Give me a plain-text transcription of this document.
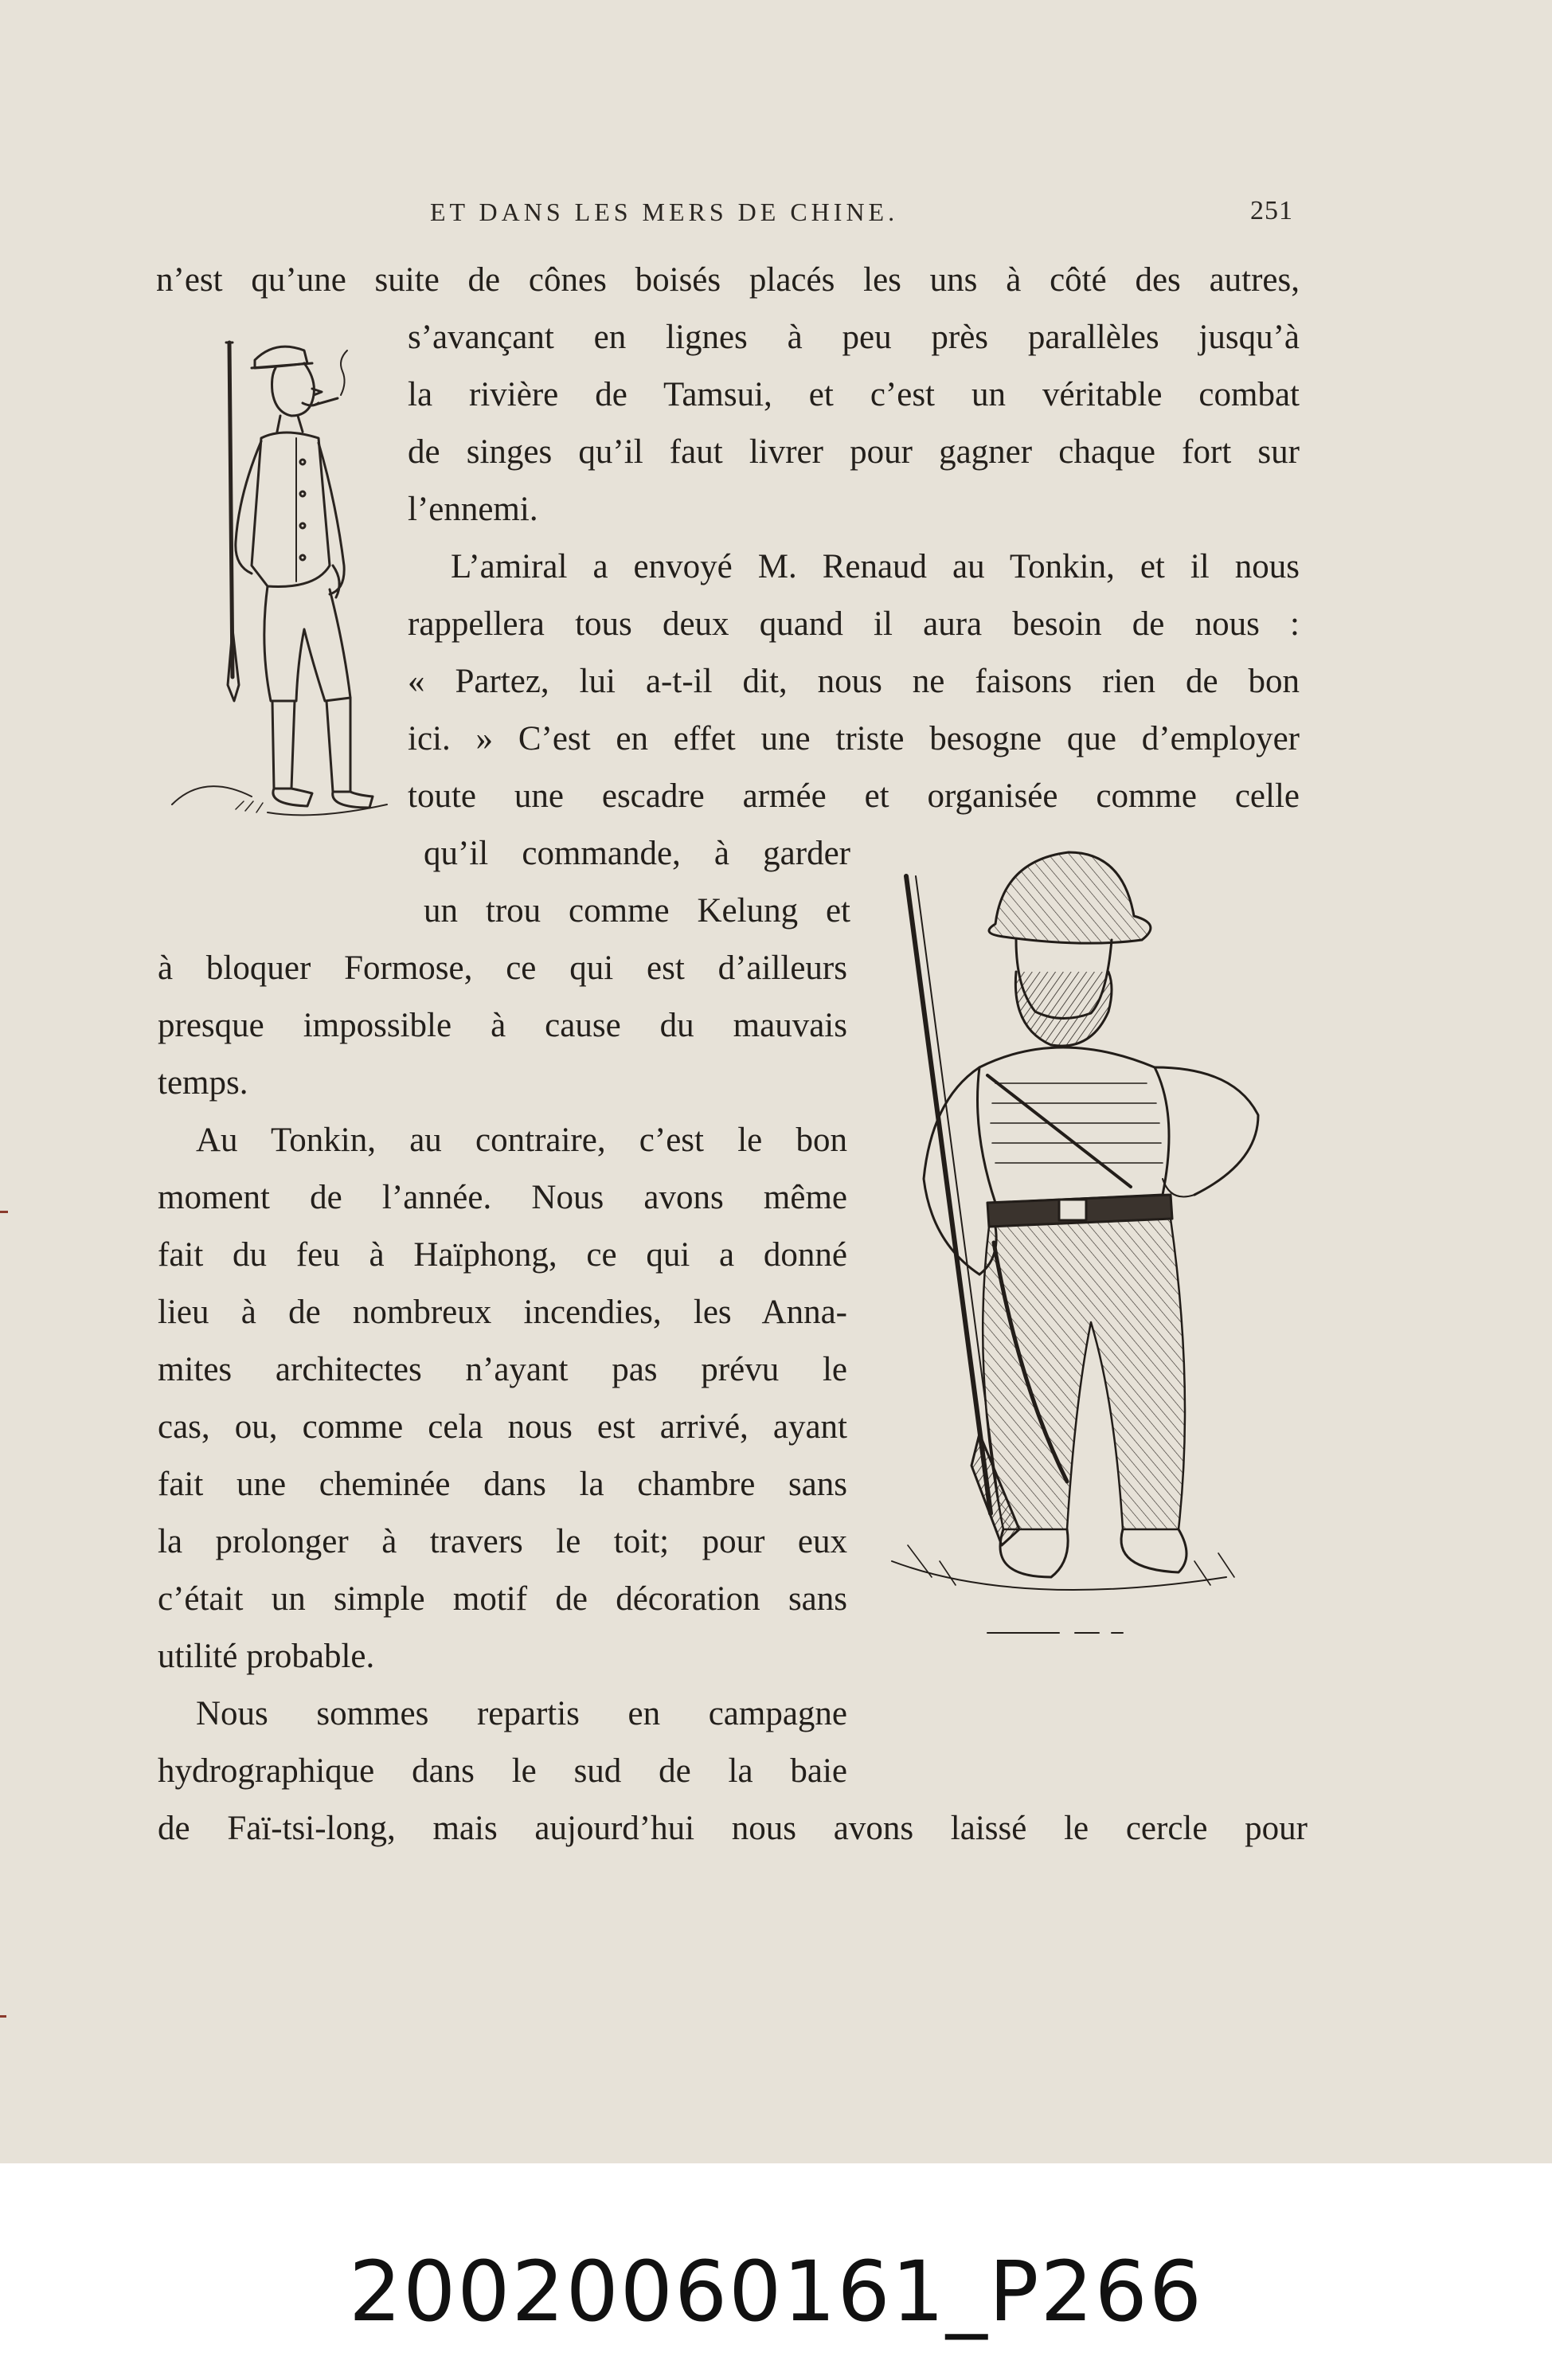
ET DANS LES MERS DE CHINE.	251
n’est qu’une suite de cônes boisés placés les uns à côté des autres,
s’avançant en lignes à peu près parallèles jusqu’à
la rivière de Tamsui, et c’est un véritable combat
de singes qu’il faut livrer pour gagner chaque fort sur
l’ennemi.
L’amiral a envoyé M. Renaud au Tonkin, et il nous
rappellera tous deux quand il aura besoin de nous :
« Partez, lui a-t-il dit, nous ne faisons rien de bon
ici. » C’est en effet une triste besogne que d’employer
toute une escadre armée et organisée comme celle
qu’il commande, à garder
un trou comme Kelung et
à bloquer Formose, ce qui est d’ailleurs
presque impossible à cause du mauvais
temps.
Au Tonkin, au contraire, c’est le bon
moment de l’année. Nous avons même
fait du feu à Haïphong, ce qui a donné
lieu à de nombreux incendies, les Anna-
mites architectes n’ayant pas prévu le
cas, ou, comme cela nous est arrivé, ayant
fait une cheminée dans la chambre sans
la prolonger à travers le toit; pour eux
c’était un simple motif de décoration sans
utilité probable.
Nous sommes repartis en campagne
hydrographique dans le sud de la baie
de Faï-tsi-long, mais aujourd’hui nous avons laissé le cercle pour
20020060161_P266
